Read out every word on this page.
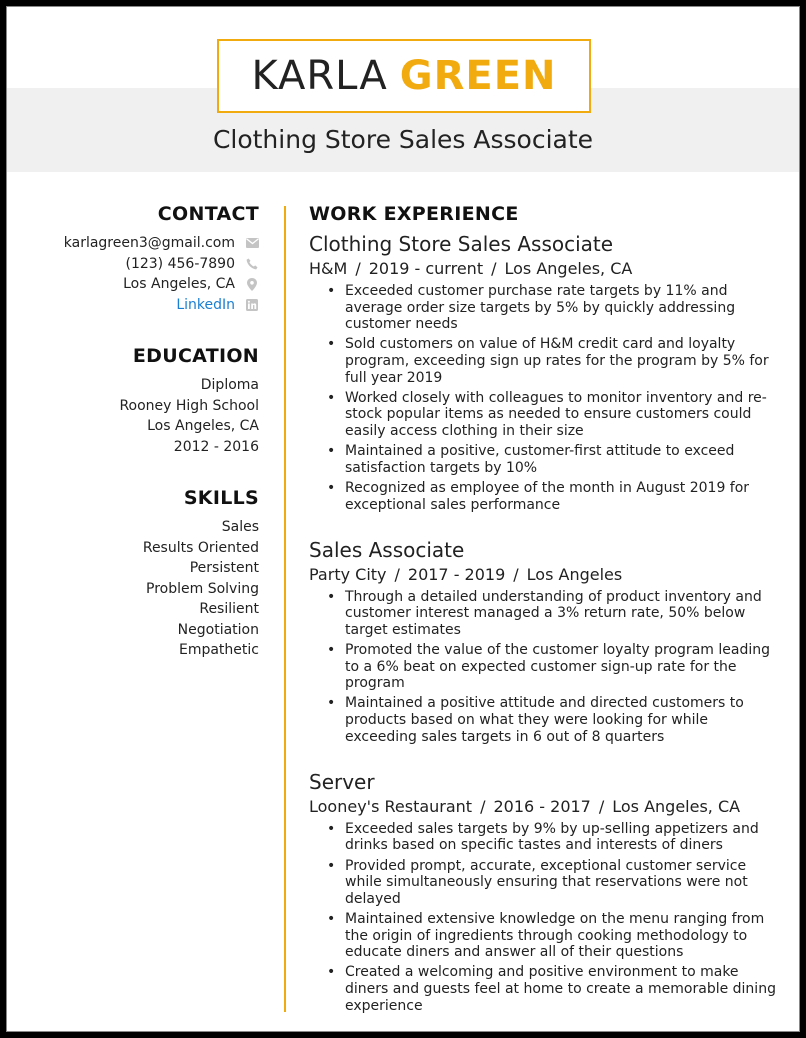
KARLA GREEN
Clothing Store Sales Associate
CONTACT
karlagreen3@gmail.com
(123) 456-7890
Los Angeles, CA
LinkedIn
EDUCATION
Diploma
Rooney High School
Los Angeles, CA
2012 - 2016
SKILLS
Sales
Results Oriented
Persistent
Problem Solving
Resilient
Negotiation
Empathetic
WORK EXPERIENCE
Clothing Store Sales Associate
H&M / 2019 - current / Los Angeles, CA
• Exceeded customer purchase rate targets by 11% and average order size targets by 5% by quickly addressing customer needs
• Sold customers on value of H&M credit card and loyalty program, exceeding sign up rates for the program by 5% for full year 2019
• Worked closely with colleagues to monitor inventory and re-stock popular items as needed to ensure customers could easily access clothing in their size
• Maintained a positive, customer-first attitude to exceed satisfaction targets by 10%
• Recognized as employee of the month in August 2019 for exceptional sales performance
Sales Associate
Party City / 2017 - 2019 / Los Angeles
• Through a detailed understanding of product inventory and customer interest managed a 3% return rate, 50% below target estimates
• Promoted the value of the customer loyalty program leading to a 6% beat on expected customer sign-up rate for the program
• Maintained a positive attitude and directed customers to products based on what they were looking for while exceeding sales targets in 6 out of 8 quarters
Server
Looney's Restaurant / 2016 - 2017 / Los Angeles, CA
• Exceeded sales targets by 9% by up-selling appetizers and drinks based on specific tastes and interests of diners
• Provided prompt, accurate, exceptional customer service while simultaneously ensuring that reservations were not delayed
• Maintained extensive knowledge on the menu ranging from the origin of ingredients through cooking methodology to educate diners and answer all of their questions
• Created a welcoming and positive environment to make diners and guests feel at home to create a memorable dining experience
